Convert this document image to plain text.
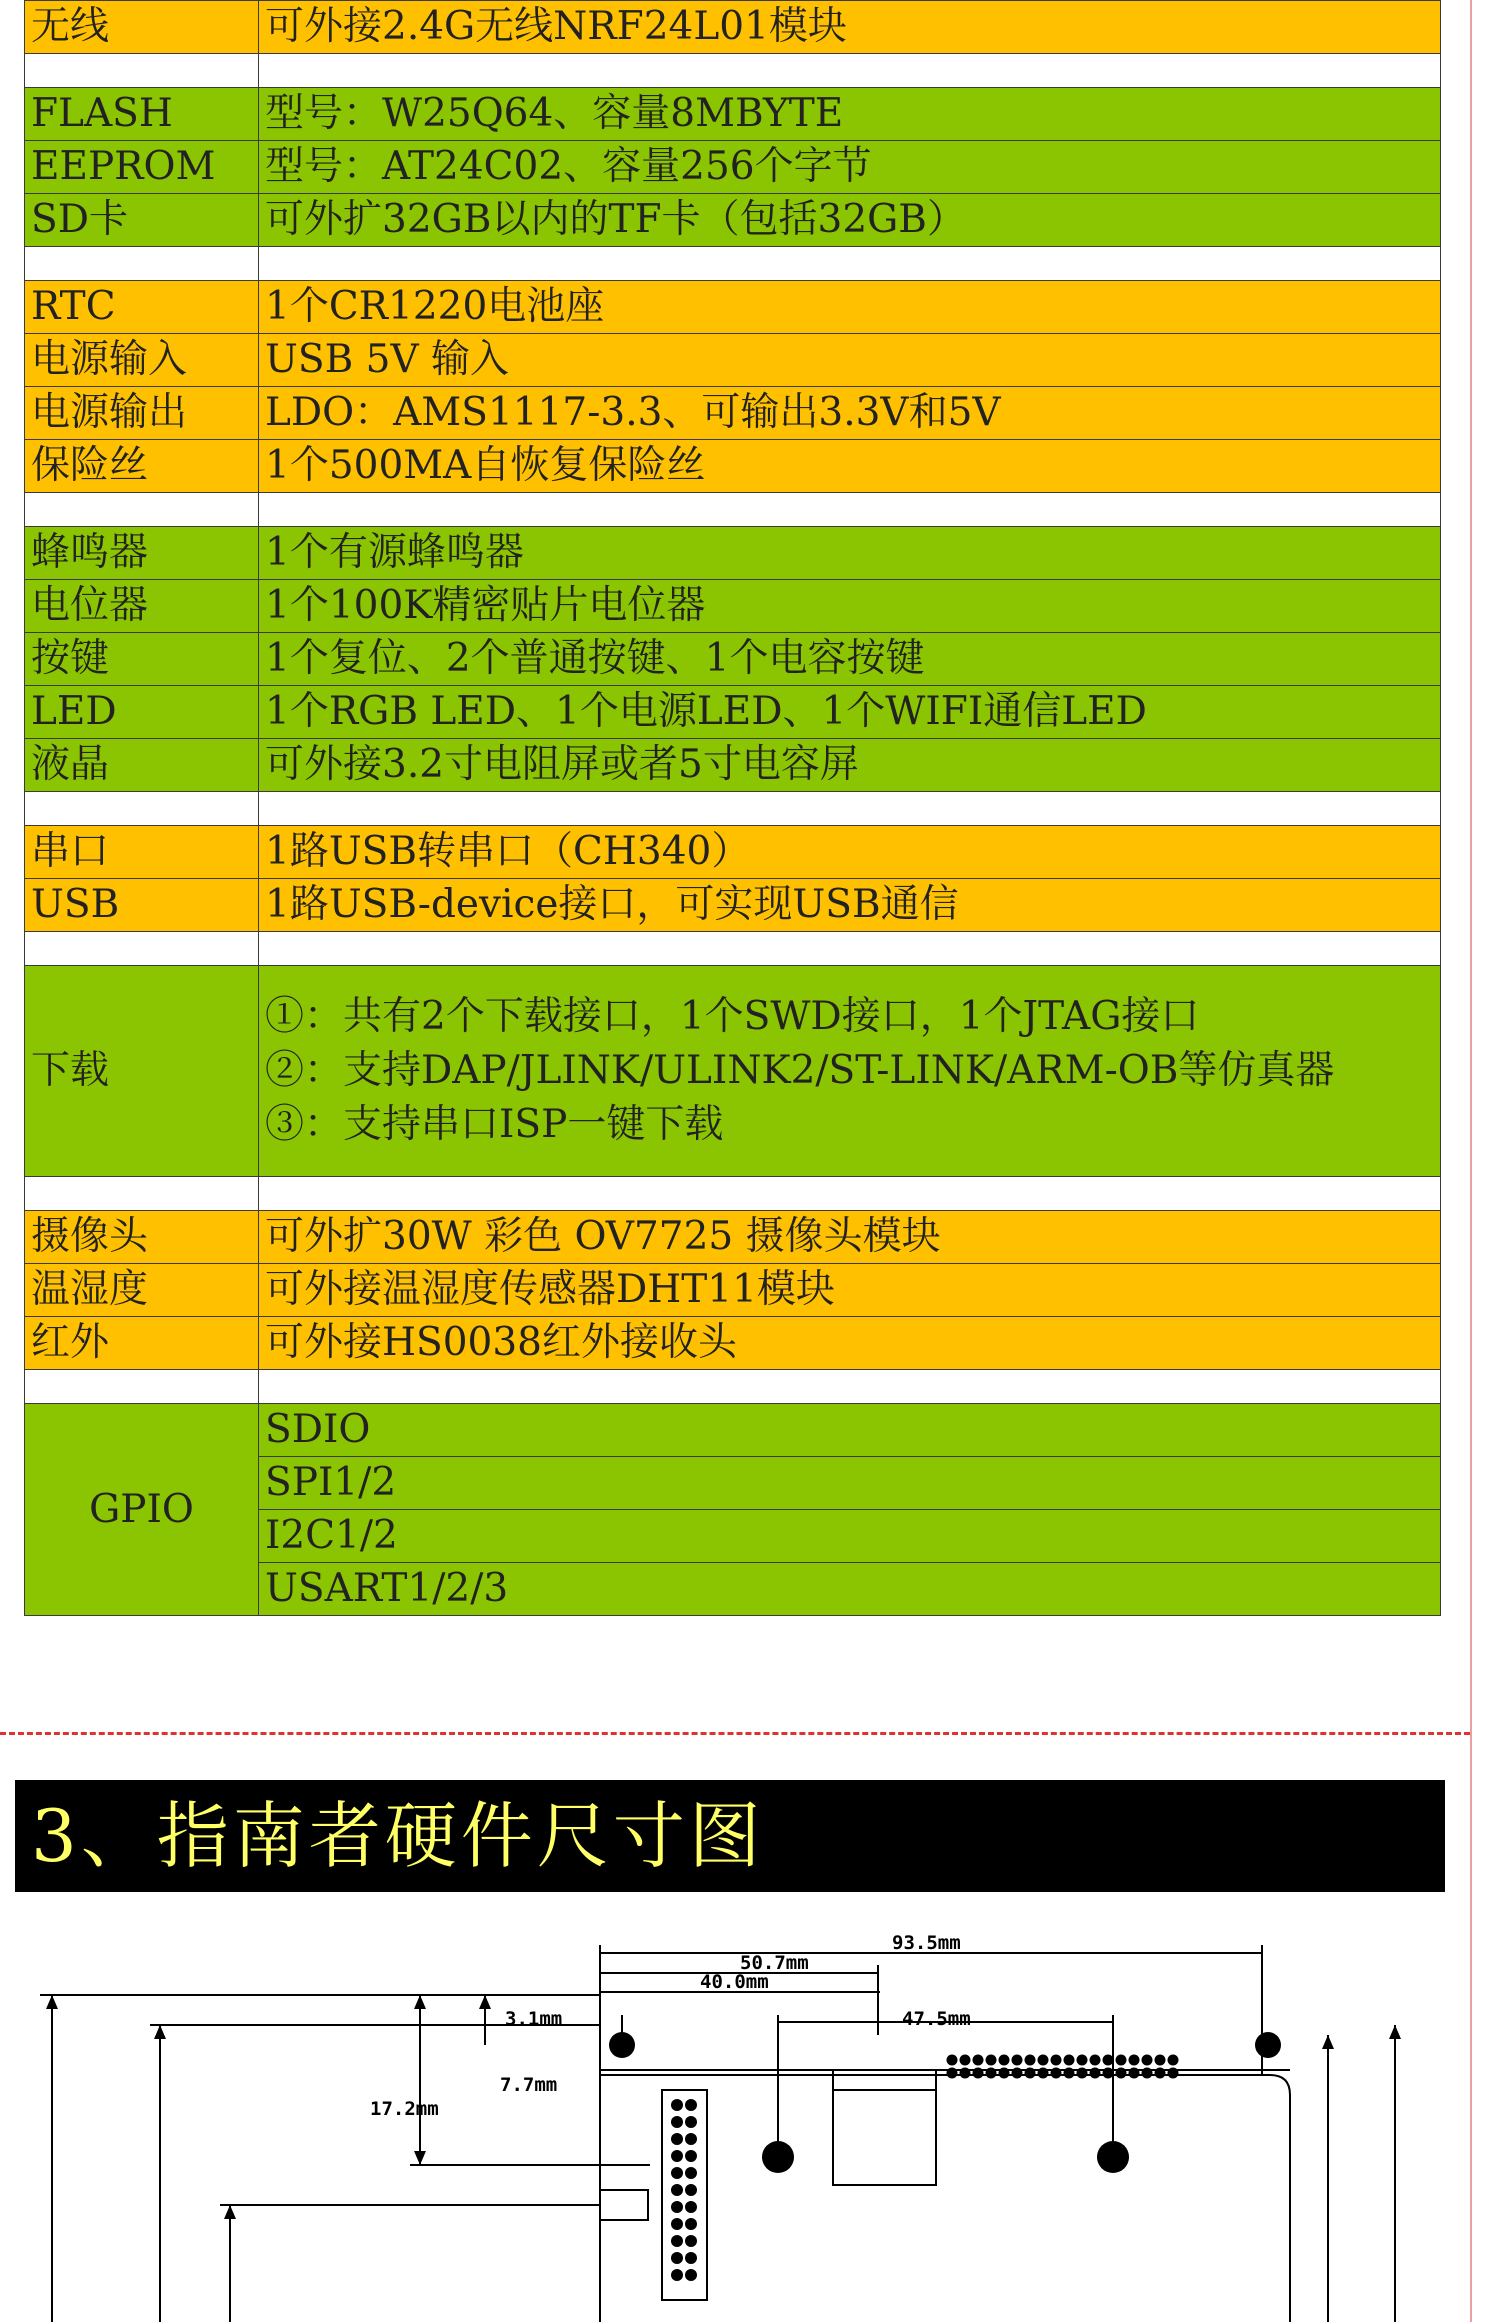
无线	可外接2.4G无线NRF24L01模块

FLASH	型号：W25Q64、容量8MBYTE
EEPROM	型号：AT24C02、容量256个字节
SD卡	可外扩32GB以内的TF卡（包括32GB）

RTC	1个CR1220电池座
电源输入	USB 5V 输入
电源输出	LDO：AMS1117-3.3、可输出3.3V和5V
保险丝	1个500MA自恢复保险丝

蜂鸣器	1个有源蜂鸣器
电位器	1个100K精密贴片电位器
按键	1个复位、2个普通按键、1个电容按键
LED	1个RGB LED、1个电源LED、1个WIFI通信LED
液晶	可外接3.2寸电阻屏或者5寸电容屏

串口	1路USB转串口（CH340）
USB	1路USB-device接口，可实现USB通信

下载	①：共有2个下载接口，1个SWD接口，1个JTAG接口
②：支持DAP/JLINK/ULINK2/ST-LINK/ARM-OB等仿真器
③：支持串口ISP一键下载

摄像头	可外扩30W 彩色 OV7725 摄像头模块
温湿度	可外接温湿度传感器DHT11模块
红外	可外接HS0038红外接收头

GPIO	SDIO
	SPI1/2
	I2C1/2
	USART1/2/3
3、指南者硬件尺寸图
93.5mm
50.7mm
40.0mm
3.1mm	47.5mm
7.7mm
17.2mm
